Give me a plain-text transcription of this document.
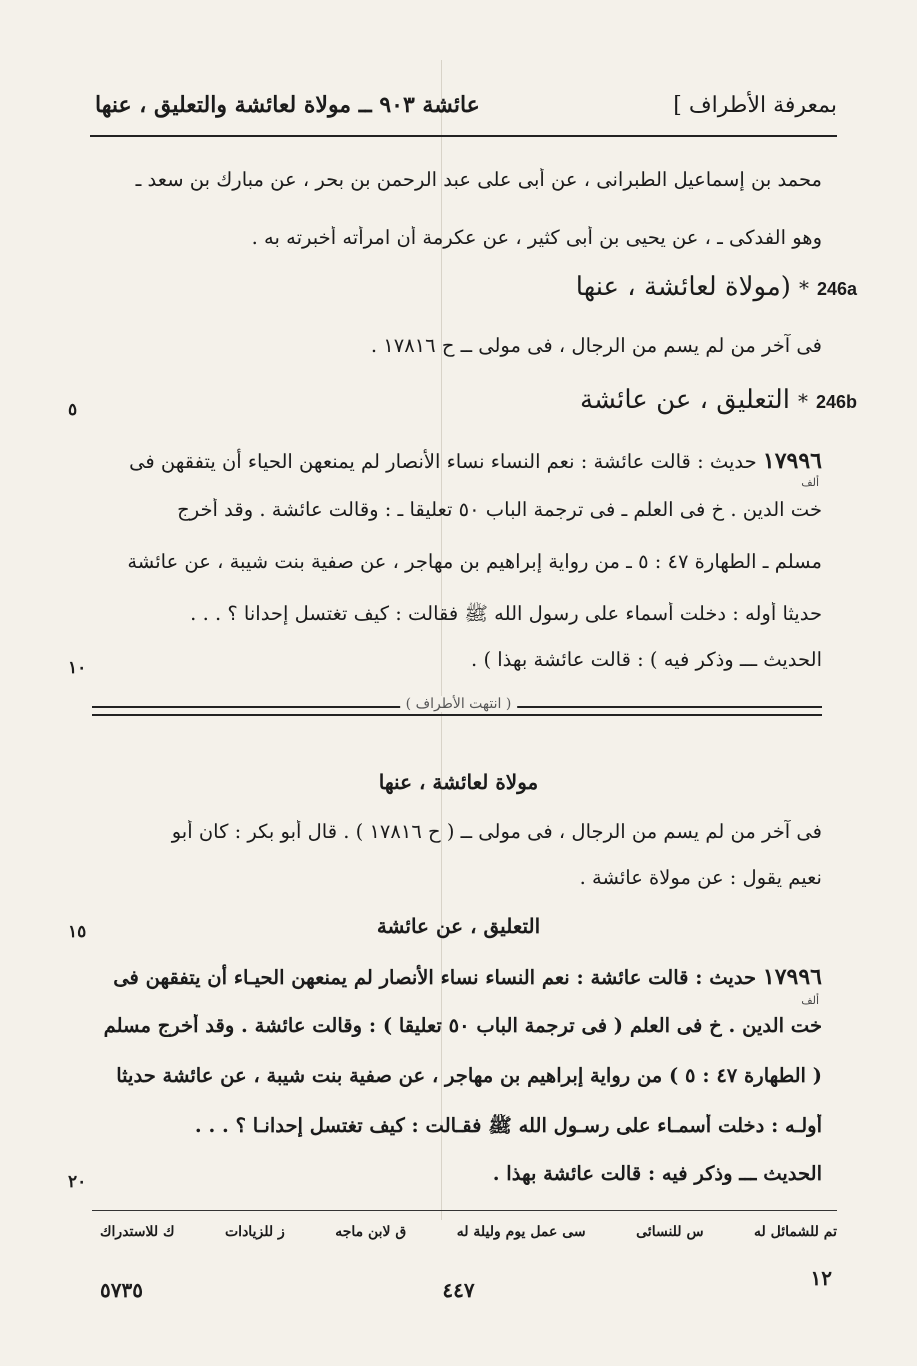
بمعرفة الأطراف ]
عائشة ٩٠٣ ــ مولاة لعائشة والتعليق ، عنها
محمد بن إسماعيل الطبرانى ، عن أبى على عبد الرحمن بن بحر ، عن مبارك بن سعد ـ
وهو الفدكى ـ ، عن يحيى بن أبى كثير ، عن عكرمة أن امرأته أخبرته به .
246a
*
(مولاة لعائشة ، عنها
فى آخر من لم يسم من الرجال ، فى مولى ــ ح ١٧٨١٦ .
246b
*
التعليق ، عن عائشة
١٧٩٩٦ حديث : قالت عائشة : نعم النساء نساء الأنصار لم يمنعهن الحياء أن يتفقهن فى
ألف
خت الدين . خ فى العلم ـ فى ترجمة الباب ٥٠ تعليقا ـ : وقالت عائشة . وقد أخرج
مسلم ـ الطهارة ٤٧ : ٥ ـ من رواية إبراهيم بن مهاجر ، عن صفية بنت شيبة ، عن عائشة
حديثا أوله : دخلت أسماء على رسول الله ﷺ فقالت : كيف تغتسل إحدانا ؟ . . .
الحديث ـــ وذكر فيه ) : قالت عائشة بهذا ) .
( انتهت الأطراف )
مولاة لعائشة ، عنها
فى آخر من لم يسم من الرجال ، فى مولى ــ ( ح ١٧٨١٦ ) . قال أبو بكر : كان أبو
نعيم يقول : عن مولاة عائشة .
التعليق ، عن عائشة
١٧٩٩٦ حديث : قالت عائشة : نعم النساء نساء الأنصار لم يمنعهن الحيـاء أن يتفقهن فى
ألف
خت الدين . خ فى العلم ( فى ترجمة الباب ٥٠ تعليقا ) : وقالت عائشة . وقد أخرج مسلم
( الطهارة ٤٧ : ٥ ) من رواية إبراهيم بن مهاجر ، عن صفية بنت شيبة ، عن عائشة حديثا
أولـه : دخلت أسمـاء على رسـول الله ﷺ فقـالت : كيف تغتسل إحدانـا ؟ . . .
الحديث ـــ وذكر فيه : قالت عائشة بهذا .
٥
١٠
١٥
٢٠
تم للشمائل له
س للنسائى
سى عمل يوم وليلة له
ق لابن ماجه
ز للزيادات
ك للاستدراك
١٢
٤٤٧
٥٧٣٥
